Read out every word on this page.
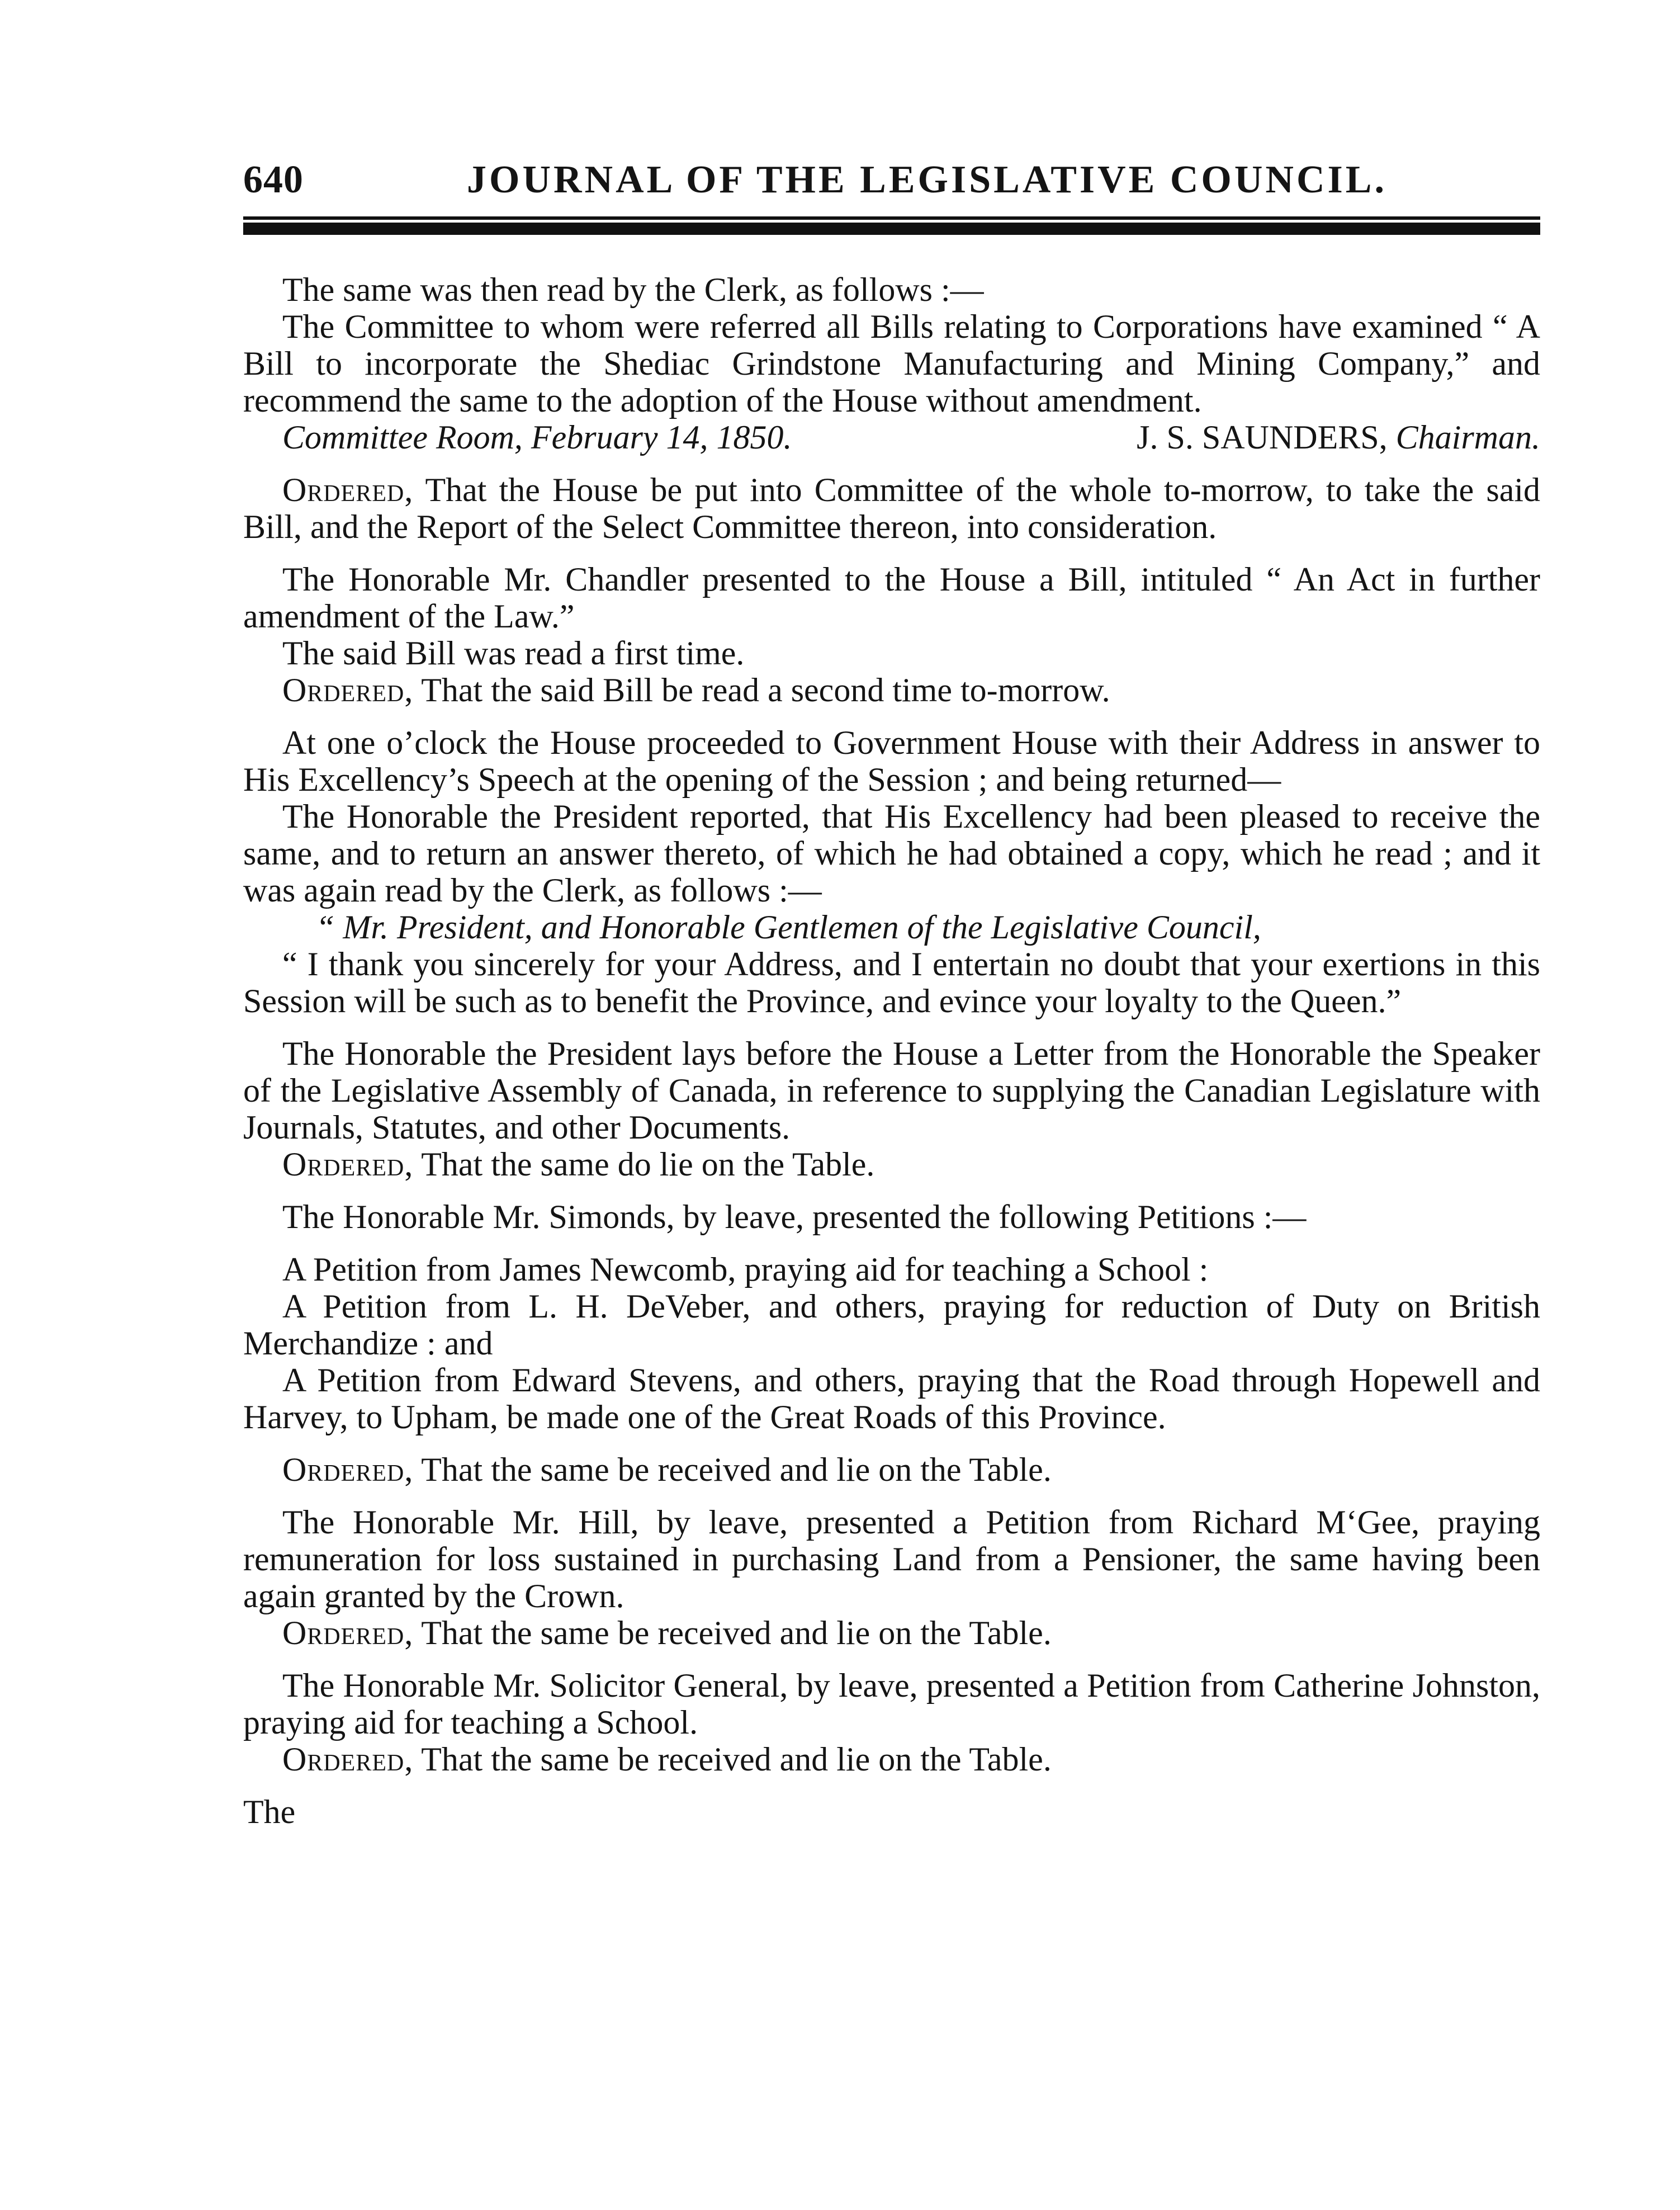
640	JOURNAL OF THE LEGISLATIVE COUNCIL.

The same was then read by the Clerk, as follows :—

The Committee to whom were referred all Bills relating to Corporations have examined “ A Bill to incorporate the Shediac Grindstone Manufacturing and Mining Company,” and recommend the same to the adoption of the House without amendment.

Committee Room, February 14, 1850.	J. S. SAUNDERS, Chairman.

Ordered, That the House be put into Committee of the whole to-morrow, to take the said Bill, and the Report of the Select Committee thereon, into consideration.

The Honorable Mr. Chandler presented to the House a Bill, intituled “ An Act in further amendment of the Law.”

The said Bill was read a first time.

Ordered, That the said Bill be read a second time to-morrow.

At one o’clock the House proceeded to Government House with their Address in answer to His Excellency’s Speech at the opening of the Session ; and being returned—

The Honorable the President reported, that His Excellency had been pleased to receive the same, and to return an answer thereto, of which he had obtained a copy, which he read ; and it was again read by the Clerk, as follows :—

“ Mr. President, and Honorable Gentlemen of the Legislative Council,

“ I thank you sincerely for your Address, and I entertain no doubt that your exertions in this Session will be such as to benefit the Province, and evince your loyalty to the Queen.”

The Honorable the President lays before the House a Letter from the Honorable the Speaker of the Legislative Assembly of Canada, in reference to supplying the Canadian Legislature with Journals, Statutes, and other Documents.

Ordered, That the same do lie on the Table.

The Honorable Mr. Simonds, by leave, presented the following Petitions :—

A Petition from James Newcomb, praying aid for teaching a School :

A Petition from L. H. DeVeber, and others, praying for reduction of Duty on British Merchandize : and

A Petition from Edward Stevens, and others, praying that the Road through Hopewell and Harvey, to Upham, be made one of the Great Roads of this Province.

Ordered, That the same be received and lie on the Table.

The Honorable Mr. Hill, by leave, presented a Petition from Richard M‘Gee, praying remuneration for loss sustained in purchasing Land from a Pensioner, the same having been again granted by the Crown.

Ordered, That the same be received and lie on the Table.

The Honorable Mr. Solicitor General, by leave, presented a Petition from Catherine Johnston, praying aid for teaching a School.

Ordered, That the same be received and lie on the Table.

The
